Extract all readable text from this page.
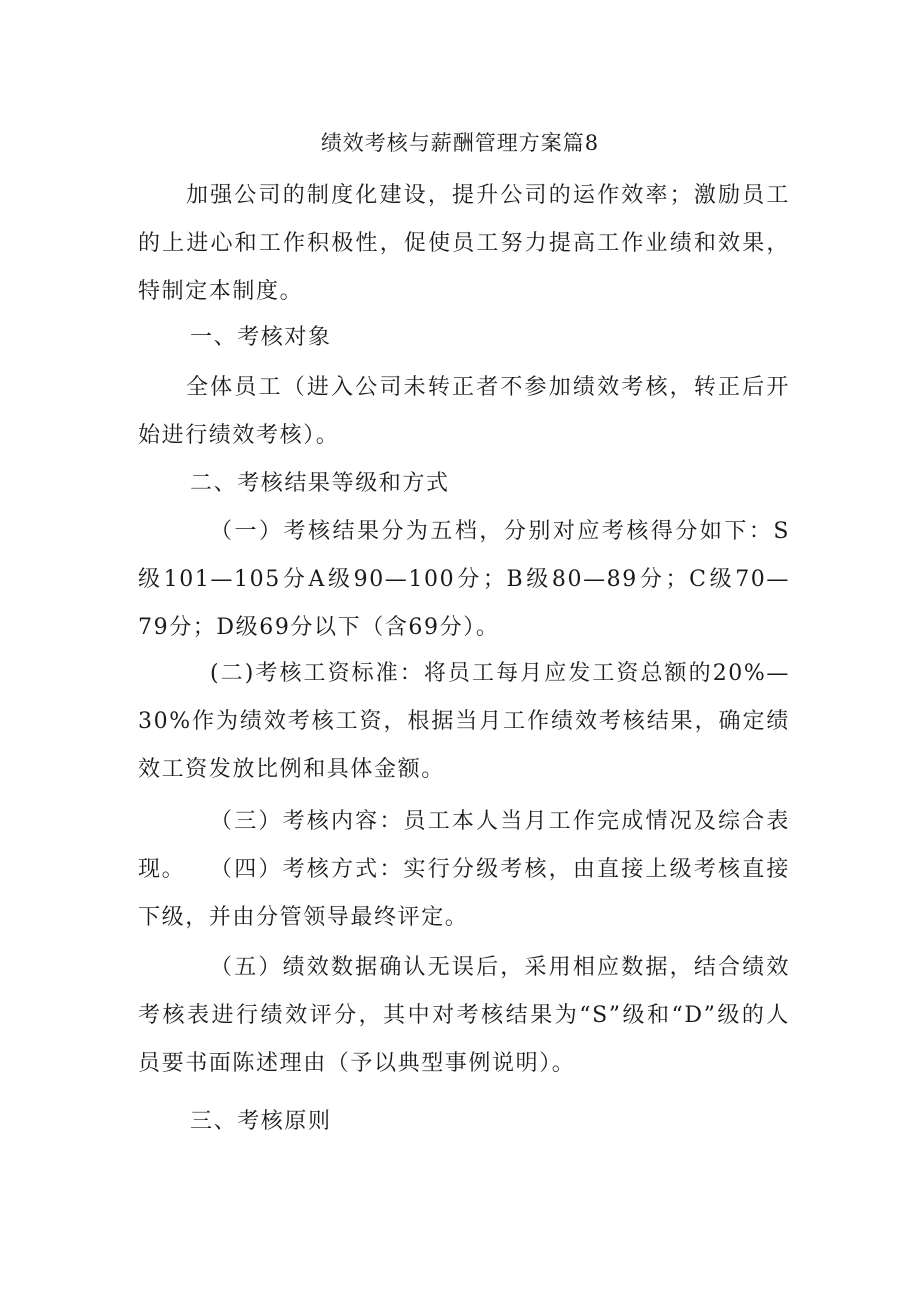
绩效考核与薪酬管理方案篇8

加强公司的制度化建设，提升公司的运作效率；激励员工的上进心和工作积极性，促使员工努力提高工作业绩和效果，特制定本制度。

一、考核对象

全体员工（进入公司未转正者不参加绩效考核，转正后开始进行绩效考核）。

二、考核结果等级和方式

（一）考核结果分为五档，分别对应考核得分如下：S级101—105分A级90—100分；B级80—89分；C级70—79分；D级69分以下（含69分）。

(二)考核工资标准：将员工每月应发工资总额的20%—30%作为绩效考核工资，根据当月工作绩效考核结果，确定绩效工资发放比例和具体金额。

（三）考核内容：员工本人当月工作完成情况及综合表现。	（四）考核方式：实行分级考核，由直接上级考核直接下级，并由分管领导最终评定。

（五）绩效数据确认无误后，采用相应数据，结合绩效考核表进行绩效评分，其中对考核结果为“S”级和“D”级的人员要书面陈述理由（予以典型事例说明）。

三、考核原则
